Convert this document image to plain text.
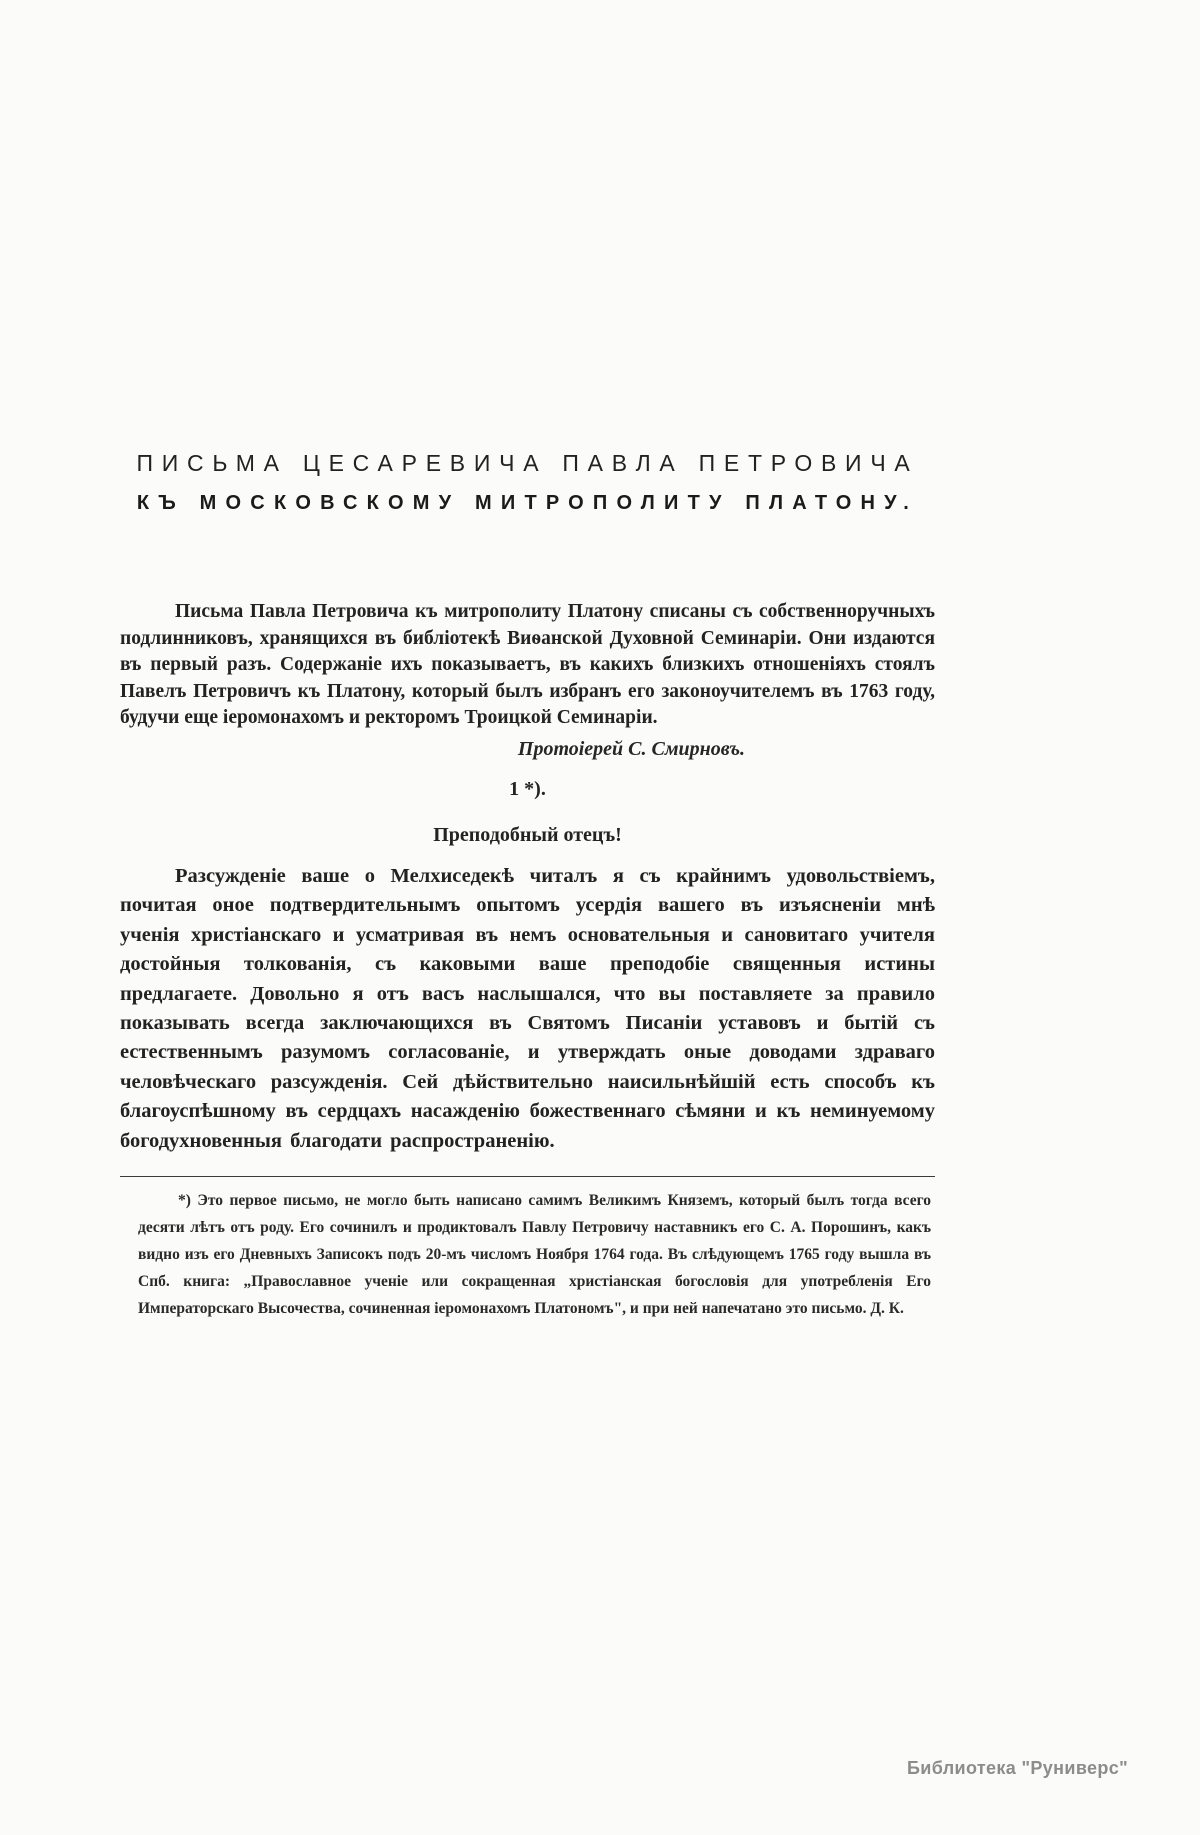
ПИСЬМА ЦЕСАРЕВИЧА ПАВЛА ПЕТРОВИЧА
КЪ МОСКОВСКОМУ МИТРОПОЛИТУ ПЛАТОНУ.

Письма Павла Петровича къ митрополиту Платону списаны съ собственноручныхъ подлинниковъ, хранящихся въ библіотекѣ Виѳанской Духовной Семинаріи. Они издаются въ первый разъ. Содержаніе ихъ показываетъ, въ какихъ близкихъ отношеніяхъ стоялъ Павелъ Петровичъ къ Платону, который былъ избранъ его законоучителемъ въ 1763 году, будучи еще іеромонахомъ и ректоромъ Троицкой Семинаріи.

Протоіерей С. Смирновъ.

1 *).
Преподобный отецъ!

Разсужденіе ваше о Мелхиседекѣ читалъ я съ крайнимъ удовольствіемъ, почитая оное подтвердительнымъ опытомъ усердія вашего въ изъясненіи мнѣ ученія христіанскаго и усматривая въ немъ основательныя и сановитаго учителя достойныя толкованія, съ каковыми ваше преподобіе священныя истины предлагаете. Довольно я отъ васъ наслышался, что вы поставляете за правило показывать всегда заключающихся въ Святомъ Писаніи уставовъ и бытій съ естественнымъ разумомъ согласованіе, и утверждать оные доводами здраваго человѣческаго разсужденія. Сей дѣйствительно наисильнѣйшій есть способъ къ благоуспѣшному въ сердцахъ насажденію божественнаго сѣмяни и къ неминуемому богодухновенныя благодати распространенію.

*) Это первое письмо, не могло быть написано самимъ Великимъ Княземъ, который былъ тогда всего десяти лѣтъ отъ роду. Его сочинилъ и продиктовалъ Павлу Петровичу наставникъ его С. А. Порошинъ, какъ видно изъ его Дневныхъ Записокъ подъ 20-мъ числомъ Ноября 1764 года. Въ слѣдующемъ 1765 году вышла въ Спб. книга: „Православное ученіе или сокращенная христіанская богословія для употребленія Его Императорскаго Высочества, сочиненная іеромонахомъ Платономъ", и при ней напечатано это письмо. Д. К.

Библиотека "Руниверс"
